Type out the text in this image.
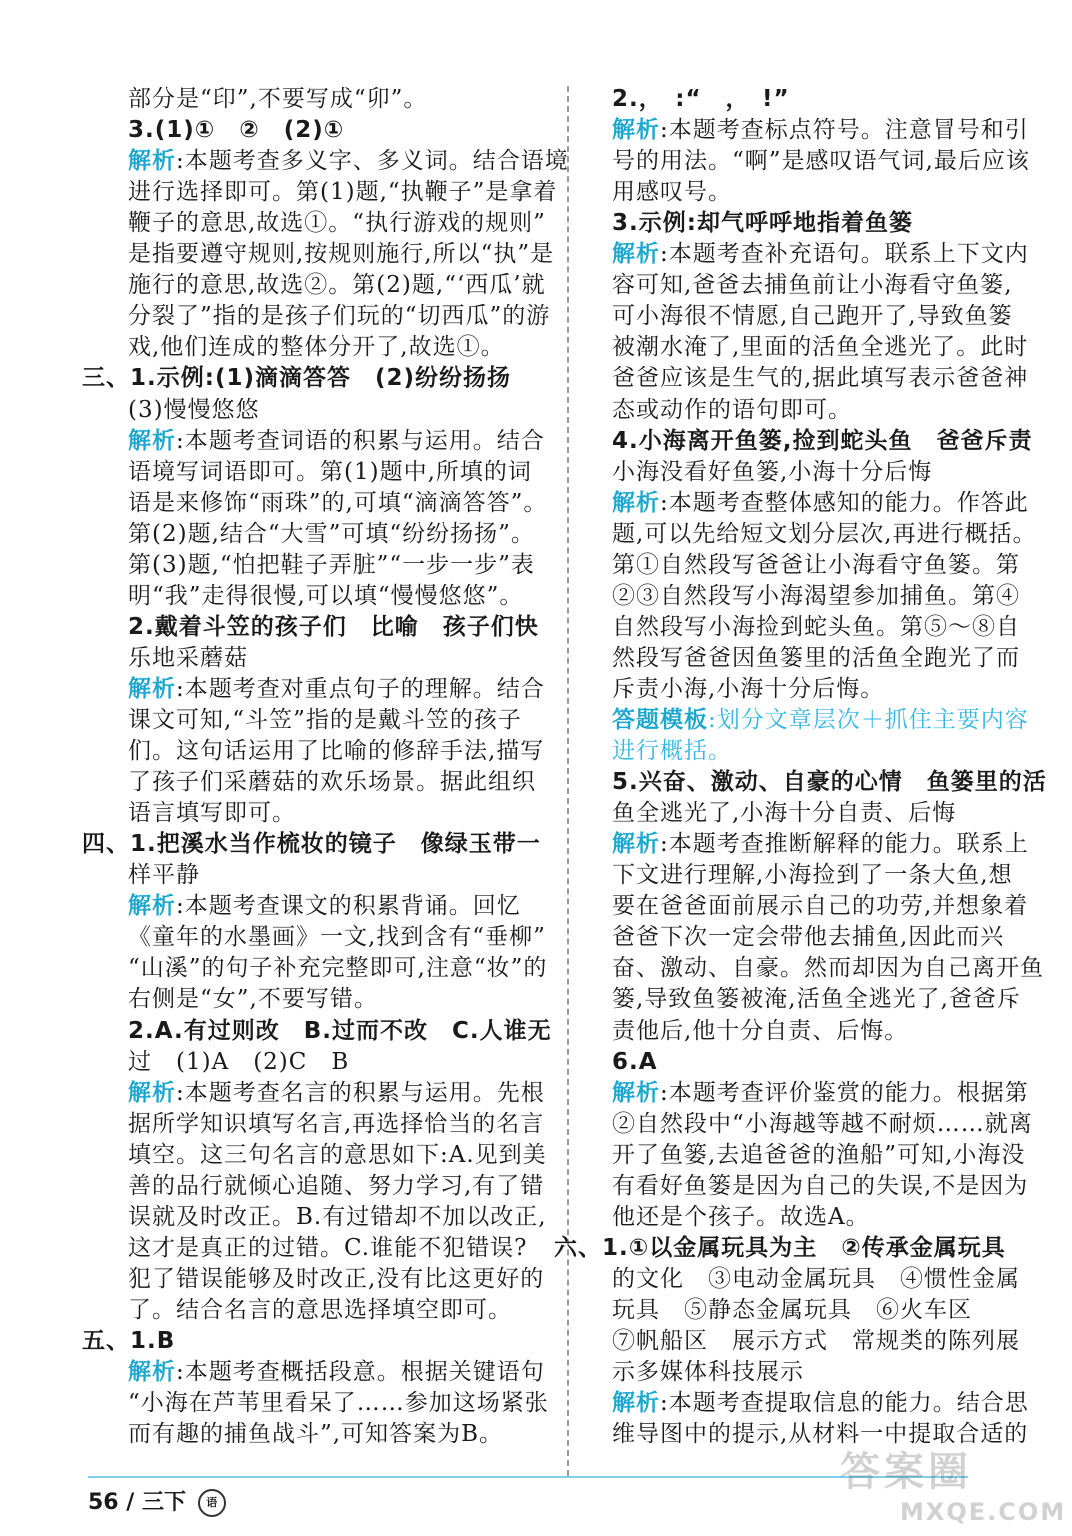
部分是“印”,不要写成“卯”。
3.(1)①　②　(2)①
解析:本题考查多义字、多义词。结合语境
进行选择即可。第(1)题,“执鞭子”是拿着
鞭子的意思,故选①。“执行游戏的规则”
是指要遵守规则,按规则施行,所以“执”是
施行的意思,故选②。第(2)题,“‘西瓜’就
分裂了”指的是孩子们玩的“切西瓜”的游
戏,他们连成的整体分开了,故选①。
三、1.示例:(1)滴滴答答　(2)纷纷扬扬
(3)慢慢悠悠
解析:本题考查词语的积累与运用。结合
语境写词语即可。第(1)题中,所填的词
语是来修饰“雨珠”的,可填“滴滴答答”。
第(2)题,结合“大雪”可填“纷纷扬扬”。
第(3)题,“怕把鞋子弄脏”“一步一步”表
明“我”走得很慢,可以填“慢慢悠悠”。
2.戴着斗笠的孩子们　比喻　孩子们快
乐地采蘑菇
解析:本题考查对重点句子的理解。结合
课文可知,“斗笠”指的是戴斗笠的孩子
们。这句话运用了比喻的修辞手法,描写
了孩子们采蘑菇的欢乐场景。据此组织
语言填写即可。
四、1.把溪水当作梳妆的镜子　像绿玉带一
样平静
解析:本题考查课文的积累背诵。回忆
《童年的水墨画》一文,找到含有“垂柳”
“山溪”的句子补充完整即可,注意“妆”的
右侧是“女”,不要写错。
2.A.有过则改　B.过而不改　C.人谁无
过　(1)A　(2)C　B
解析:本题考查名言的积累与运用。先根
据所学知识填写名言,再选择恰当的名言
填空。这三句名言的意思如下:A.见到美
善的品行就倾心追随、努力学习,有了错
误就及时改正。B.有过错却不加以改正,
这才是真正的过错。C.谁能不犯错误?
犯了错误能够及时改正,没有比这更好的
了。结合名言的意思选择填空即可。
五、1.B
解析:本题考查概括段意。根据关键语句
“小海在芦苇里看呆了……参加这场紧张
而有趣的捕鱼战斗”,可知答案为B。
2.，　:“　，　!”
解析:本题考查标点符号。注意冒号和引
号的用法。“啊”是感叹语气词,最后应该
用感叹号。
3.示例:却气呼呼地指着鱼篓
解析:本题考查补充语句。联系上下文内
容可知,爸爸去捕鱼前让小海看守鱼篓,
可小海很不情愿,自己跑开了,导致鱼篓
被潮水淹了,里面的活鱼全逃光了。此时
爸爸应该是生气的,据此填写表示爸爸神
态或动作的语句即可。
4.小海离开鱼篓,捡到蛇头鱼　爸爸斥责
小海没看好鱼篓,小海十分后悔
解析:本题考查整体感知的能力。作答此
题,可以先给短文划分层次,再进行概括。
第①自然段写爸爸让小海看守鱼篓。第
②③自然段写小海渴望参加捕鱼。第④
自然段写小海捡到蛇头鱼。第⑤～⑧自
然段写爸爸因鱼篓里的活鱼全跑光了而
斥责小海,小海十分后悔。
答题模板:划分文章层次＋抓住主要内容
进行概括。
5.兴奋、激动、自豪的心情　鱼篓里的活
鱼全逃光了,小海十分自责、后悔
解析:本题考查推断解释的能力。联系上
下文进行理解,小海捡到了一条大鱼,想
要在爸爸面前展示自己的功劳,并想象着
爸爸下次一定会带他去捕鱼,因此而兴
奋、激动、自豪。然而却因为自己离开鱼
篓,导致鱼篓被淹,活鱼全逃光了,爸爸斥
责他后,他十分自责、后悔。
6.A
解析:本题考查评价鉴赏的能力。根据第
②自然段中“小海越等越不耐烦……就离
开了鱼篓,去追爸爸的渔船”可知,小海没
有看好鱼篓是因为自己的失误,不是因为
他还是个孩子。故选A。
六、1.①以金属玩具为主　②传承金属玩具
的文化　③电动金属玩具　④惯性金属
玩具　⑤静态金属玩具　⑥火车区
⑦帆船区　展示方式　常规类的陈列展
示多媒体科技展示
解析:本题考查提取信息的能力。结合思
维导图中的提示,从材料一中提取合适的
56 / 三下 语
答案圈
MXQE.COM
